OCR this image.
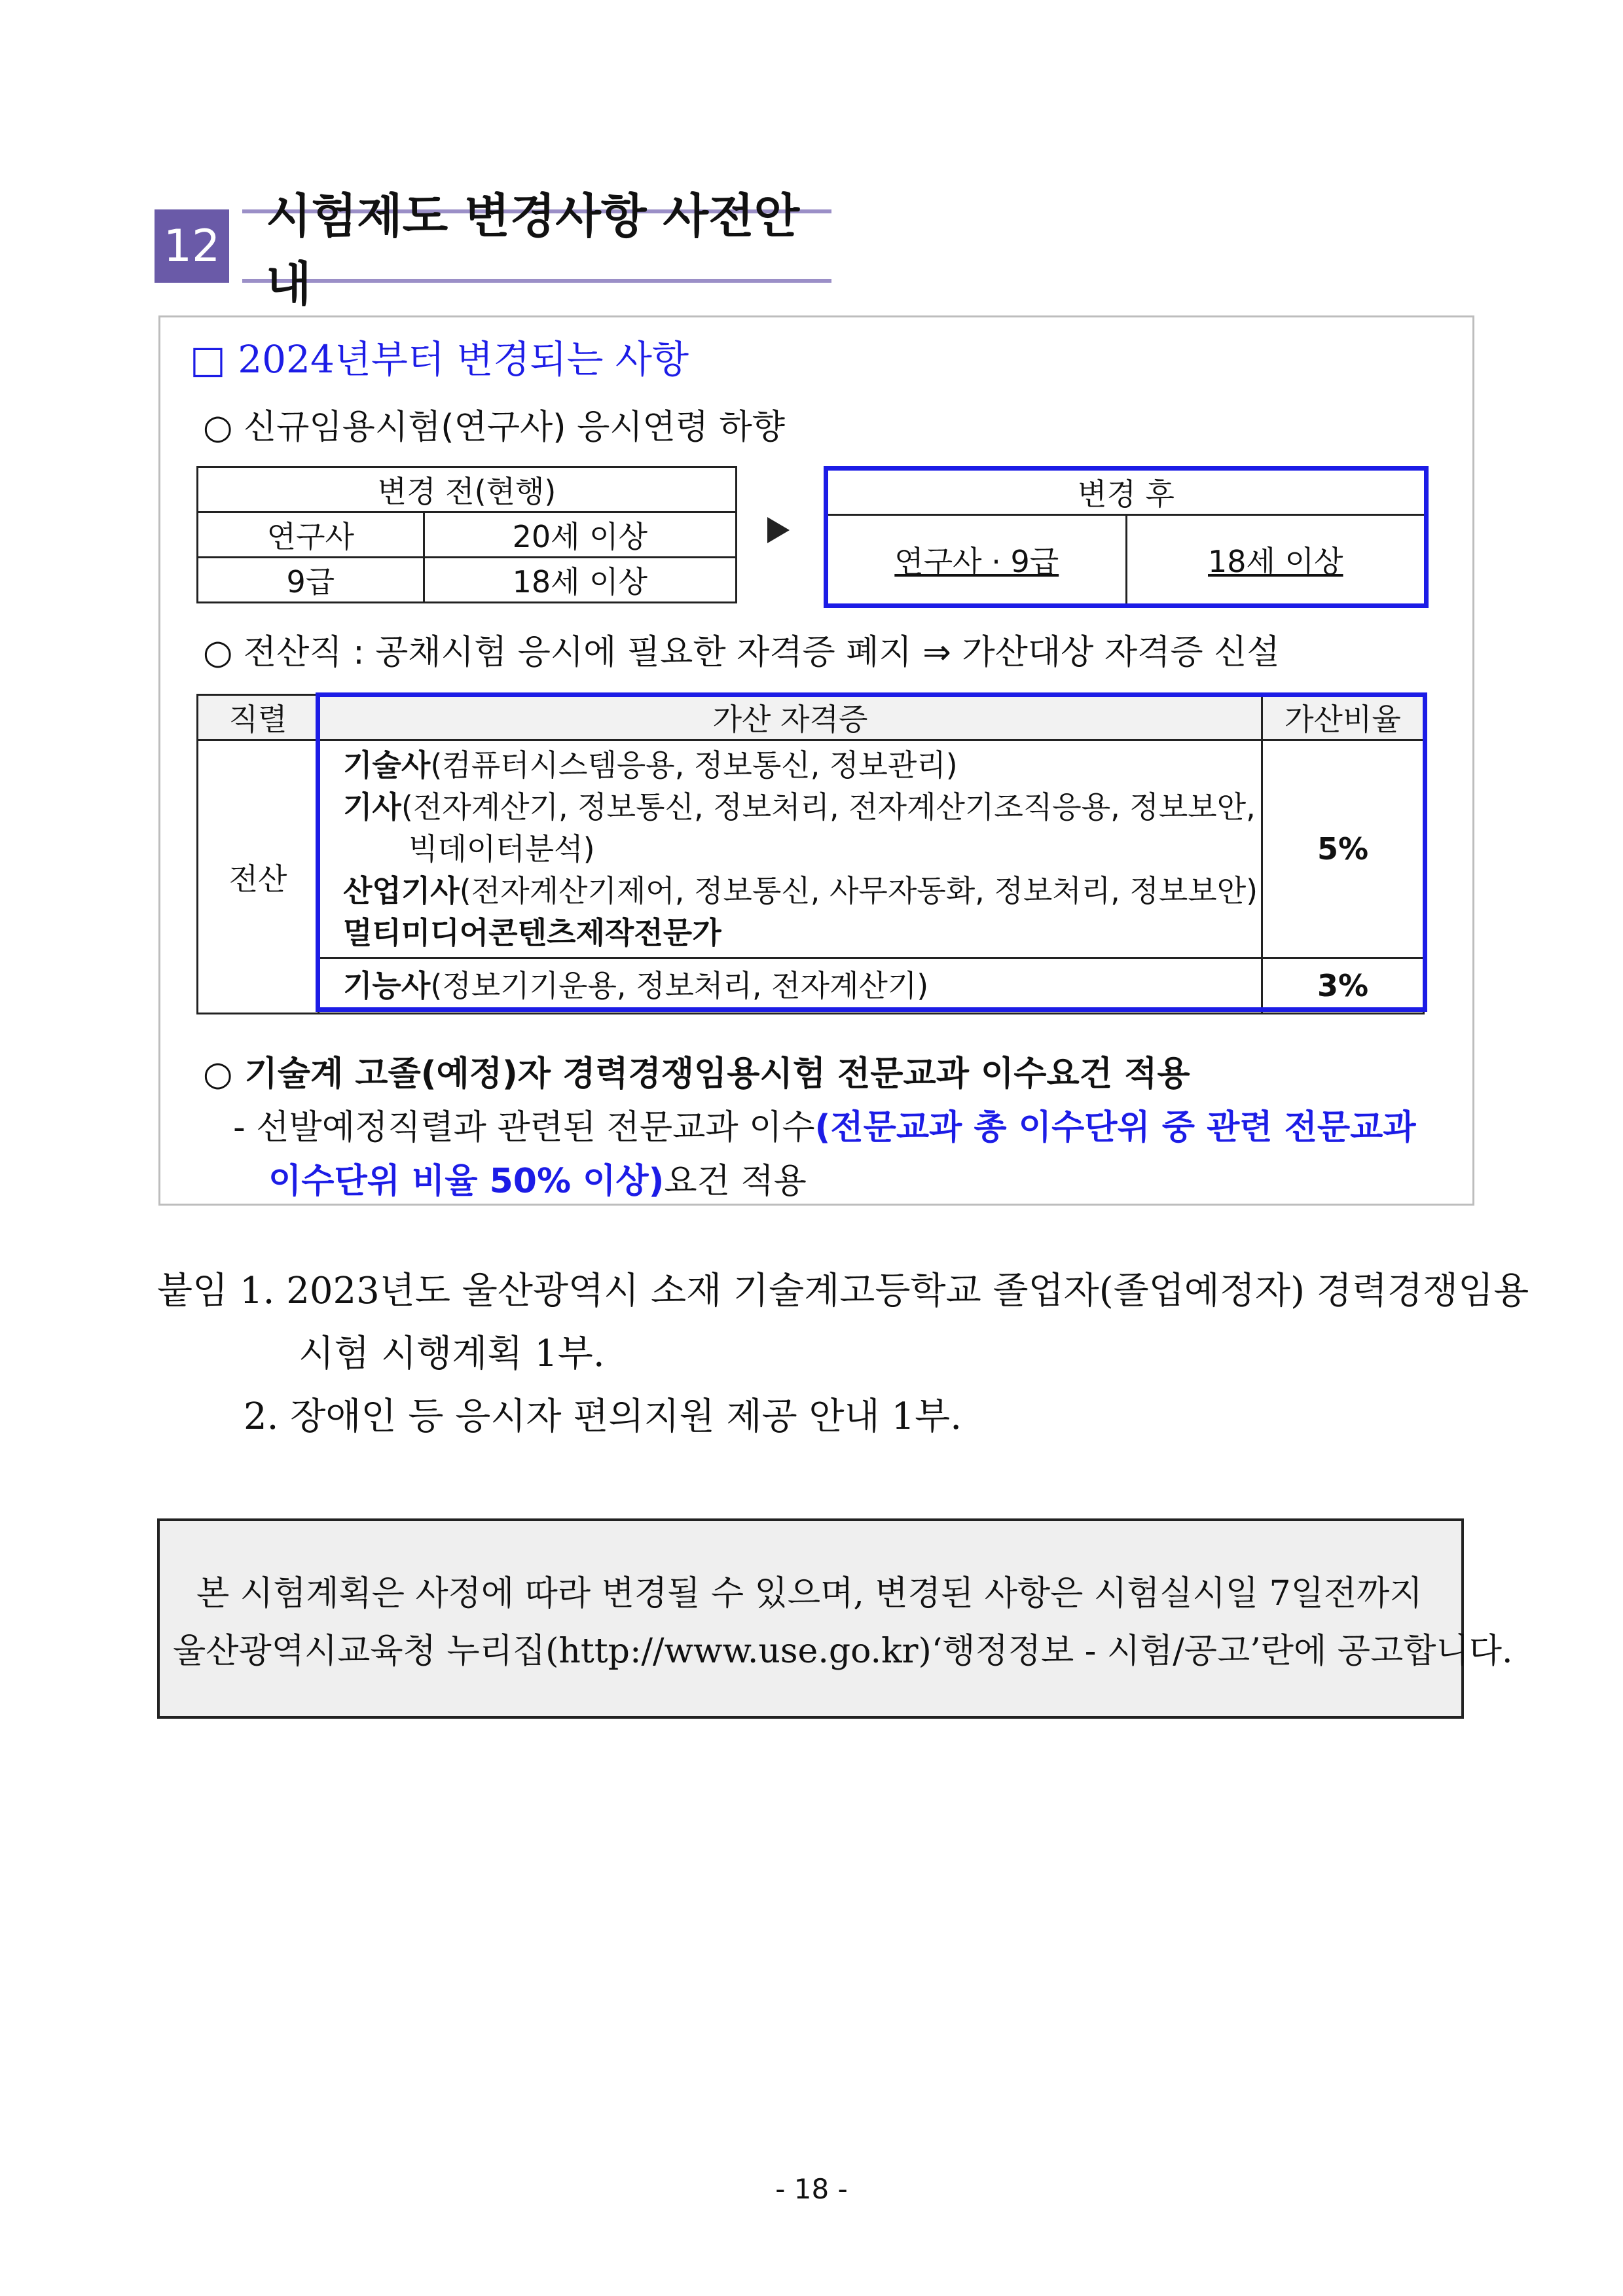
12
시험제도 변경사항 사전안내
□ 2024년부터 변경되는 사항
○ 신규임용시험(연구사) 응시연령 하향
변경 전(현행)	
연구사	20세 이상
9급	18세 이상
변경 후
연구사 · 9급	18세 이상
○ 전산직 : 공채시험 응시에 필요한 자격증 폐지 ⇒ 가산대상 자격증 신설
직렬	가산 자격증	가산비율
전산	기술사(컴퓨터시스템응용, 정보통신, 정보관리)
기사(전자계산기, 정보통신, 정보처리, 전자계산기조직응용, 정보보안,

빅데이터분석)
산업기사(전자계산기제어, 정보통신, 사무자동화, 정보처리, 정보보안)
멀티미디어콘텐츠제작전문가	5%
	기능사(정보기기운용, 정보처리, 전자계산기)	3%
○ 기술계 고졸(예정)자 경력경쟁임용시험 전문교과 이수요건 적용
- 선발예정직렬과 관련된 전문교과 이수(전문교과 총 이수단위 중 관련 전문교과
이수단위 비율 50% 이상)요건 적용
붙임 1. 2023년도 울산광역시 소재 기술계고등학교 졸업자(졸업예정자) 경력경쟁임용
시험 시행계획 1부.
2. 장애인 등 응시자 편의지원 제공 안내 1부.
본 시험계획은 사정에 따라 변경될 수 있으며, 변경된 사항은 시험실시일 7일전까지
울산광역시교육청 누리집(http://www.use.go.kr)‘행정정보 - 시험/공고’란에 공고합니다.
- 18 -
